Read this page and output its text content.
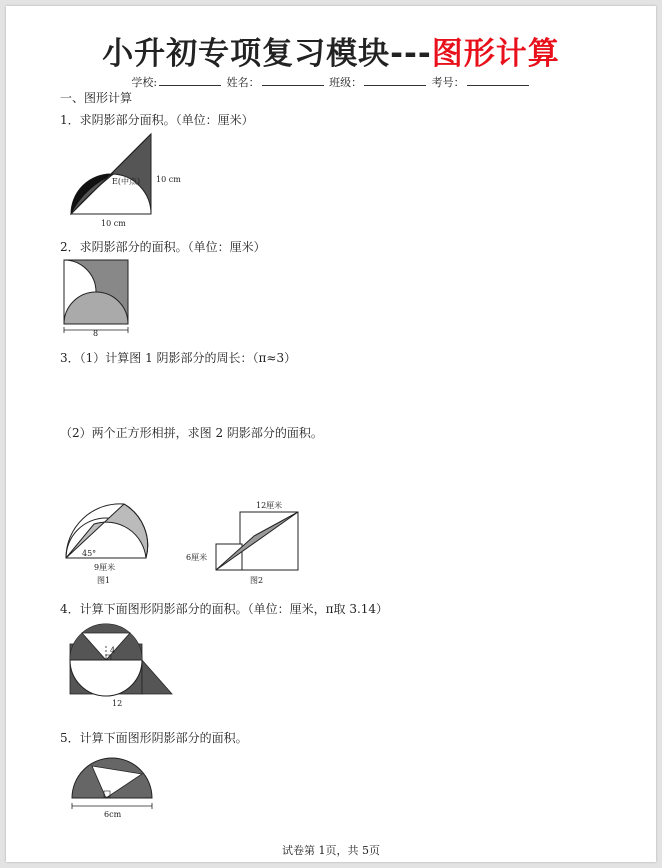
小升初专项复习模块---图形计算
学校:	姓名：	班级：	考号：
一、图形计算
1．求阴影部分面积。（单位：厘米）
E(中点) 10 cm
10 cm
2．求阴影部分的面积。（单位：厘米）
8
3．（1）计算图 1 阴影部分的周长：（π≈3）
（2）两个正方形相拼，求图 2 阴影部分的面积。
45°
9厘米
图1
12厘米
6厘米
图2
4．计算下面图形阴影部分的面积。（单位：厘米，π取 3.14）
4
12
5．计算下面图形阴影部分的面积。
6cm
试卷第 1页，共 5页
